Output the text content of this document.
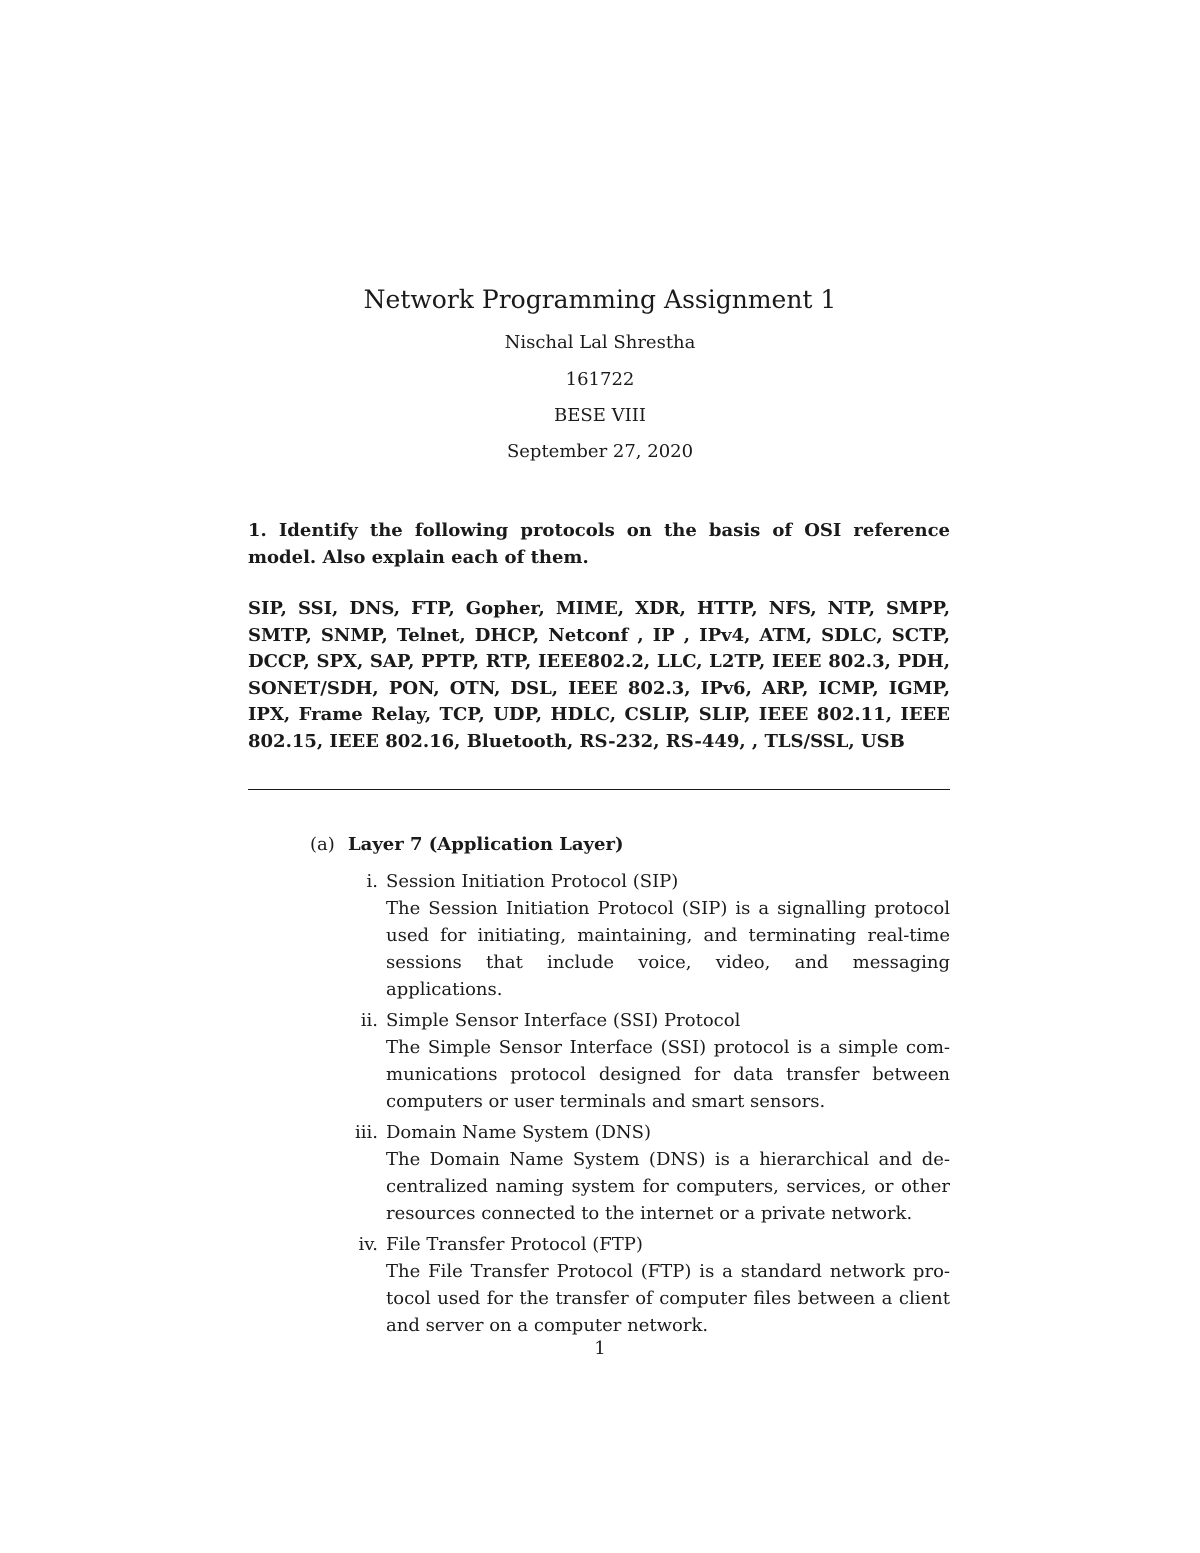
Network Programming Assignment 1
Nischal Lal Shrestha
161722
BESE VIII
September 27, 2020

1. Identify the following protocols on the basis of OSI reference model. Also explain each of them.

SIP, SSI, DNS, FTP, Gopher, MIME, XDR, HTTP, NFS, NTP, SMPP, SMTP, SNMP, Telnet, DHCP, Netconf , IP , IPv4, ATM, SDLC, SCTP, DCCP, SPX, SAP, PPTP, RTP, IEEE802.2, LLC, L2TP, IEEE 802.3, PDH, SONET/SDH, PON, OTN, DSL, IEEE 802.3, IPv6, ARP, ICMP, IGMP, IPX, Frame Relay, TCP, UDP, HDLC, CSLIP, SLIP, IEEE 802.11, IEEE 802.15, IEEE 802.16, Bluetooth, RS-232, RS-449, , TLS/SSL, USB

(a) Layer 7 (Application Layer)
i. Session Initiation Protocol (SIP)
The Session Initiation Protocol (SIP) is a signalling protocol used for initiating, maintaining, and terminating real-time sessions that include voice, video, and messaging applications.
ii. Simple Sensor Interface (SSI) Protocol
The Simple Sensor Interface (SSI) protocol is a simple communications protocol designed for data transfer between computers or user terminals and smart sensors.
iii. Domain Name System (DNS)
The Domain Name System (DNS) is a hierarchical and decentralized naming system for computers, services, or other resources connected to the internet or a private network.
iv. File Transfer Protocol (FTP)
The File Transfer Protocol (FTP) is a standard network protocol used for the transfer of computer files between a client and server on a computer network.
1
